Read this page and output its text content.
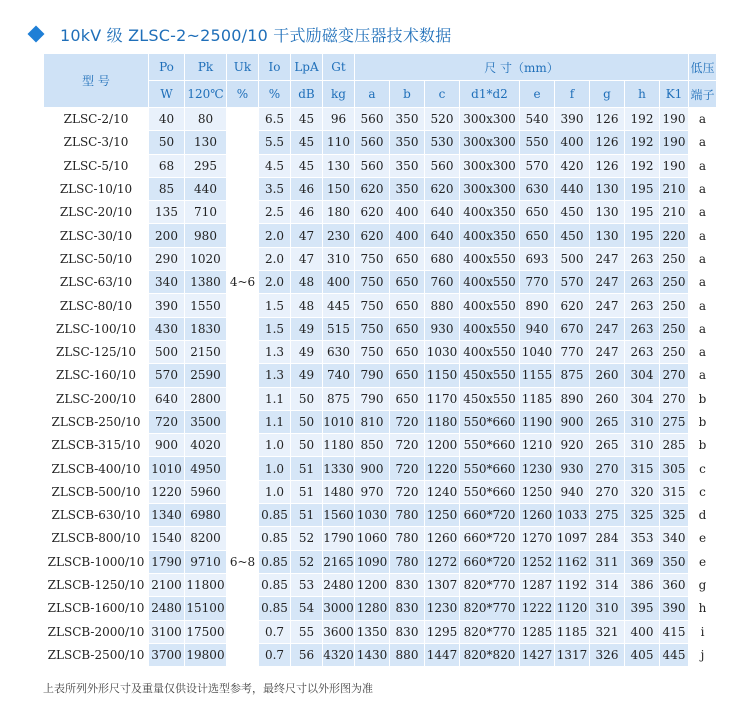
10kV 级 ZLSC-2~2500/10 干式励磁变压器技术数据
型 号	Po	Pk	Uk	Io	LpA	Gt	尺 寸（mm）									低压
	W	120℃	%	%	dB	kg	a	b	c	d1*d2	e	f	g	h	K1	端子
ZLSC-2/10	40	80	4~6	6.5	45	96	560	350	520	300x300	540	390	126	192	190	a
ZLSC-3/10	50	130		5.5	45	110	560	350	530	300x300	550	400	126	192	190	a
ZLSC-5/10	68	295		4.5	45	130	560	350	560	300x300	570	420	126	192	190	a
ZLSC-10/10	85	440		3.5	46	150	620	350	620	300x300	630	440	130	195	210	a
ZLSC-20/10	135	710		2.5	46	180	620	400	640	400x350	650	450	130	195	210	a
ZLSC-30/10	200	980		2.0	47	230	620	400	640	400x350	650	450	130	195	220	a
ZLSC-50/10	290	1020		2.0	47	310	750	650	680	400x550	693	500	247	263	250	a
ZLSC-63/10	340	1380		2.0	48	400	750	650	760	400x550	770	570	247	263	250	a
ZLSC-80/10	390	1550		1.5	48	445	750	650	880	400x550	890	620	247	263	250	a
ZLSC-100/10	430	1830		1.5	49	515	750	650	930	400x550	940	670	247	263	250	a
ZLSC-125/10	500	2150		1.3	49	630	750	650	1030	400x550	1040	770	247	263	250	a
ZLSC-160/10	570	2590		1.3	49	740	790	650	1150	450x550	1155	875	260	304	270	a
ZLSC-200/10	640	2800		1.1	50	875	790	650	1170	450x550	1185	890	260	304	270	b
ZLSCB-250/10	720	3500		1.1	50	1010	810	720	1180	550*660	1190	900	265	310	275	b
ZLSCB-315/10	900	4020		1.0	50	1180	850	720	1200	550*660	1210	920	265	310	285	b
ZLSCB-400/10	1010	4950	6~8	1.0	51	1330	900	720	1220	550*660	1230	930	270	315	305	c
ZLSCB-500/10	1220	5960		1.0	51	1480	970	720	1240	550*660	1250	940	270	320	315	c
ZLSCB-630/10	1340	6980		0.85	51	1560	1030	780	1250	660*720	1260	1033	275	325	325	d
ZLSCB-800/10	1540	8200		0.85	52	1790	1060	780	1260	660*720	1270	1097	284	353	340	e
ZLSCB-1000/10	1790	9710		0.85	52	2165	1090	780	1272	660*720	1252	1162	311	369	350	e
ZLSCB-1250/10	2100	11800		0.85	53	2480	1200	830	1307	820*770	1287	1192	314	386	360	g
ZLSCB-1600/10	2480	15100		0.85	54	3000	1280	830	1230	820*770	1222	1120	310	395	390	h
ZLSCB-2000/10	3100	17500		0.7	55	3600	1350	830	1295	820*770	1285	1185	321	400	415	i
ZLSCB-2500/10	3700	19800		0.7	56	4320	1430	880	1447	820*820	1427	1317	326	405	445	j
上表所列外形尺寸及重量仅供设计选型参考，最终尺寸以外形图为准
